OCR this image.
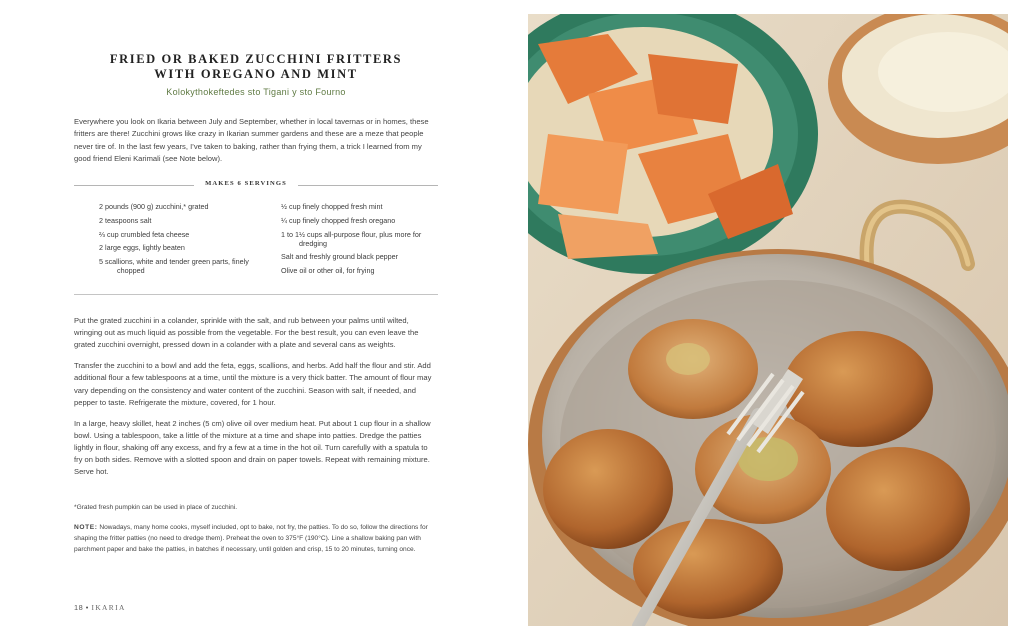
FRIED OR BAKED ZUCCHINI FRITTERS
WITH OREGANO AND MINT
Kolokythokeftedes sto Tigani y sto Fourno
Everywhere you look on Ikaria between July and September, whether in local tavernas or in homes, these fritters are there! Zucchini grows like crazy in Ikarian summer gardens and these are a meze that people never tire of. In the last few years, I’ve taken to baking, rather than frying them, a trick I learned from my good friend Eleni Karimali (see Note below).
MAKES 6 SERVINGS
2 pounds (900 g) zucchini,* grated
2 teaspoons salt
⅔ cup crumbled feta cheese
2 large eggs, lightly beaten
5 scallions, white and tender green parts, finely chopped
½ cup finely chopped fresh mint
¼ cup finely chopped fresh oregano
1 to 1½ cups all-purpose flour, plus more for dredging
Salt and freshly ground black pepper
Olive oil or other oil, for frying

Put the grated zucchini in a colander, sprinkle with the salt, and rub between your palms until wilted, wringing out as much liquid as possible from the vegetable. For the best result, you can even leave the grated zucchini overnight, pressed down in a colander with a plate and several cans as weights.

Transfer the zucchini to a bowl and add the feta, eggs, scallions, and herbs. Add half the flour and stir. Add additional flour a few tablespoons at a time, until the mixture is a very thick batter. The amount of flour may vary depending on the consistency and water content of the zucchini. Season with salt, if needed, and pepper to taste. Refrigerate the mixture, covered, for 1 hour.

In a large, heavy skillet, heat 2 inches (5 cm) olive oil over medium heat. Put about 1 cup flour in a shallow bowl. Using a tablespoon, take a little of the mixture at a time and shape into patties. Dredge the patties lightly in flour, shaking off any excess, and fry a few at a time in the hot oil. Turn carefully with a spatula to fry on both sides. Remove with a slotted spoon and drain on paper towels. Repeat with remaining mixture. Serve hot.

*Grated fresh pumpkin can be used in place of zucchini.
NOTE: Nowadays, many home cooks, myself included, opt to bake, not fry, the patties. To do so, follow the directions for shaping the fritter patties (no need to dredge them). Preheat the oven to 375°F (190°C). Line a shallow baking pan with parchment paper and bake the patties, in batches if necessary, until golden and crisp, 15 to 20 minutes, turning once.
18 • IKARIA
